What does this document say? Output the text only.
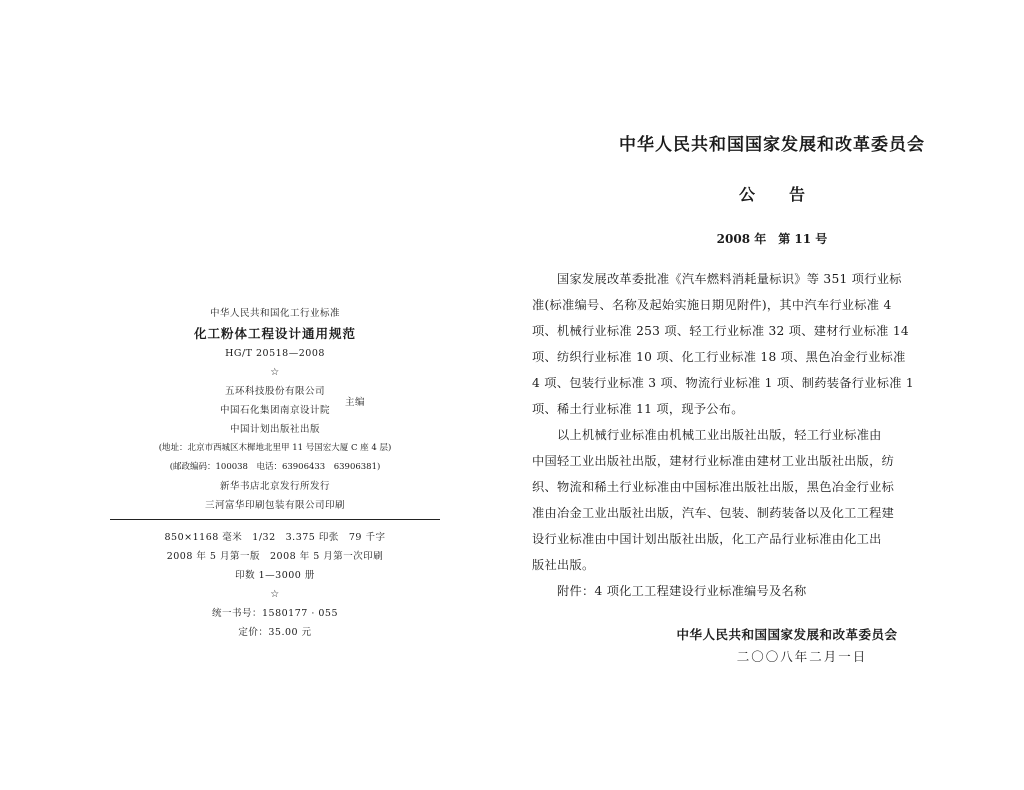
中华人民共和国化工行业标准
化工粉体工程设计通用规范
HG/T 20518—2008
☆
五环科技股份有限公司
中国石化集团南京设计院
主编
中国计划出版社出版
(地址：北京市西城区木樨地北里甲 11 号国宏大厦 C 座 4 层)
(邮政编码：100038　电话：63906433　63906381)
新华书店北京发行所发行
三河富华印刷包装有限公司印刷
850×1168 毫米　1/32　3.375 印张　79 千字
2008 年 5 月第一版　2008 年 5 月第一次印刷
印数 1—3000 册
☆
统一书号：1580177 · 055
定价：35.00 元
中华人民共和国国家发展和改革委员会
公告
2008 年　第 11 号
国家发展改革委批准《汽车燃料消耗量标识》等 351 项行业标
准(标准编号、名称及起始实施日期见附件)，其中汽车行业标准 4
项、机械行业标准 253 项、轻工行业标准 32 项、建材行业标准 14
项、纺织行业标准 10 项、化工行业标准 18 项、黑色冶金行业标准
4 项、包装行业标准 3 项、物流行业标准 1 项、制药装备行业标准 1
项、稀土行业标准 11 项，现予公布。
以上机械行业标准由机械工业出版社出版，轻工行业标准由
中国轻工业出版社出版，建材行业标准由建材工业出版社出版，纺
织、物流和稀土行业标准由中国标准出版社出版，黑色冶金行业标
准由冶金工业出版社出版，汽车、包装、制药装备以及化工工程建
设行业标准由中国计划出版社出版，化工产品行业标准由化工出
版社出版。
附件：4 项化工工程建设行业标准编号及名称
中华人民共和国国家发展和改革委员会
二〇〇八年二月一日
